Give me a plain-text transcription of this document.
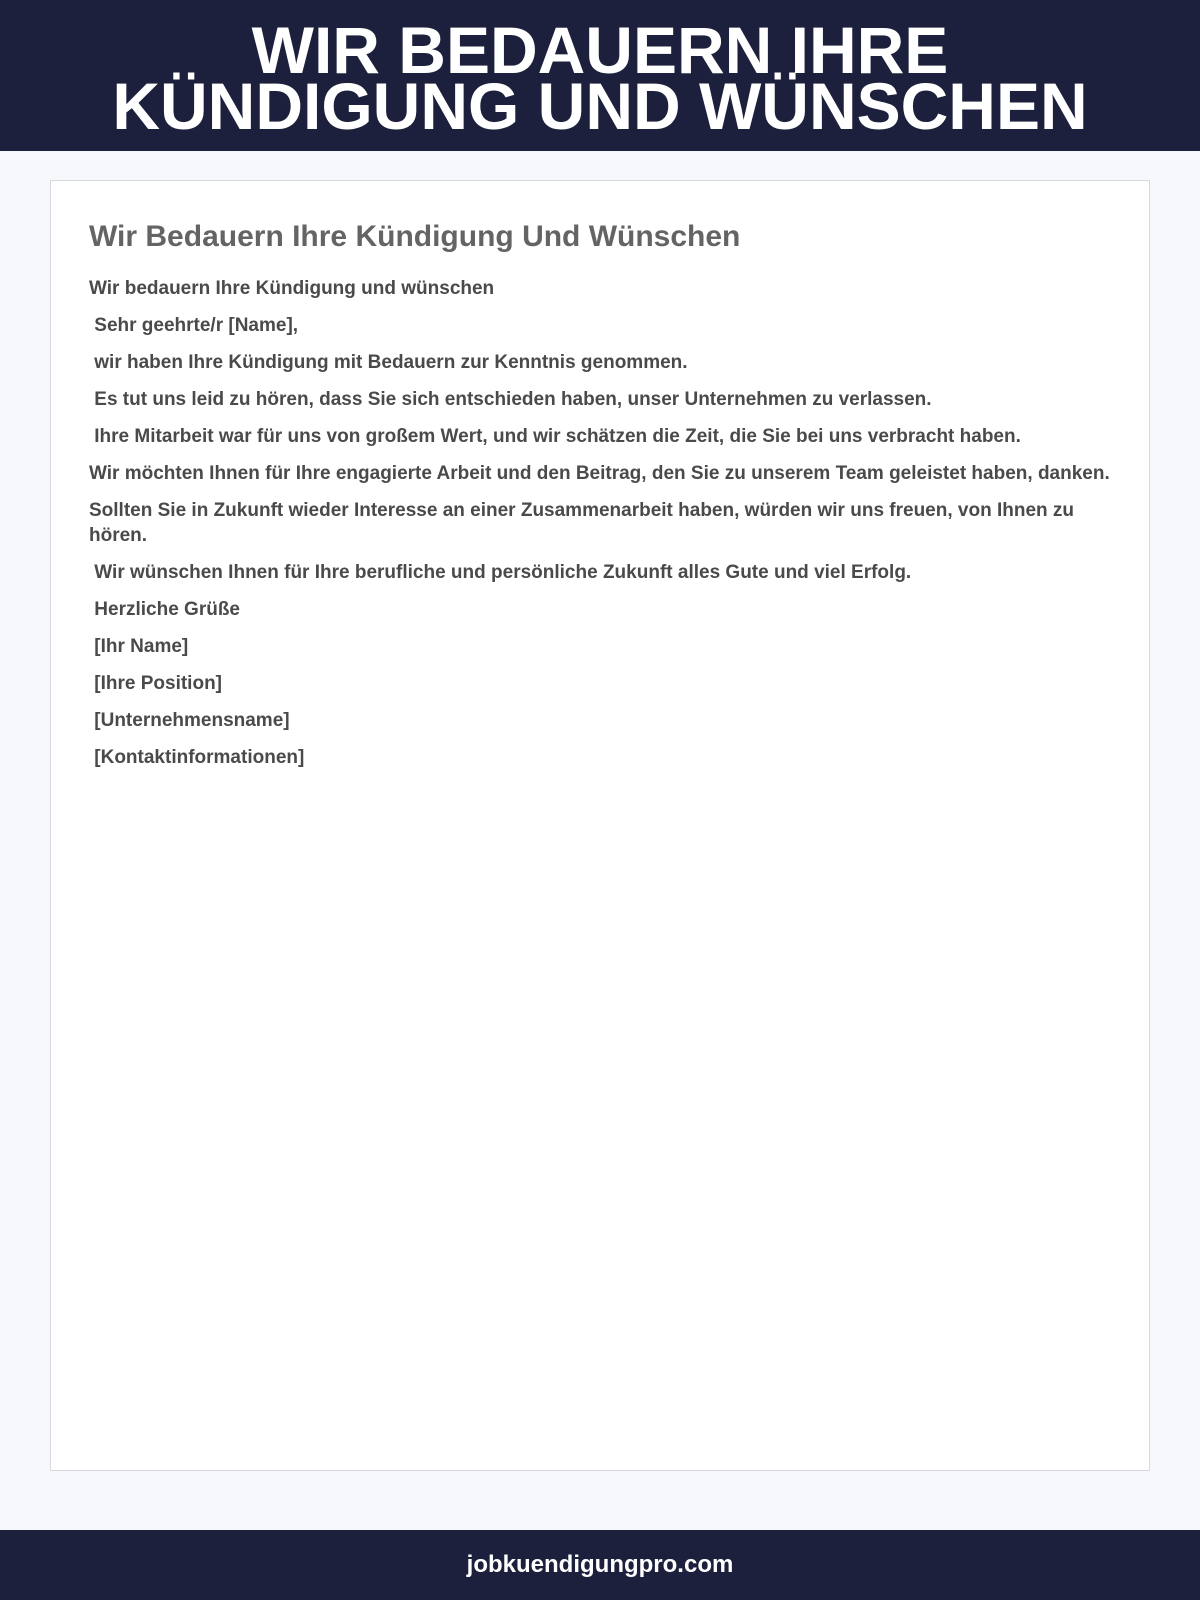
WIR BEDAUERN IHRE KÜNDIGUNG UND WÜNSCHEN
Wir Bedauern Ihre Kündigung Und Wünschen

Wir bedauern Ihre Kündigung und wünschen

Sehr geehrte/r [Name],

wir haben Ihre Kündigung mit Bedauern zur Kenntnis genommen.

Es tut uns leid zu hören, dass Sie sich entschieden haben, unser Unternehmen zu verlassen.

Ihre Mitarbeit war für uns von großem Wert, und wir schätzen die Zeit, die Sie bei uns verbracht haben.

Wir möchten Ihnen für Ihre engagierte Arbeit und den Beitrag, den Sie zu unserem Team geleistet haben, danken.

Sollten Sie in Zukunft wieder Interesse an einer Zusammenarbeit haben, würden wir uns freuen, von Ihnen zu hören.

Wir wünschen Ihnen für Ihre berufliche und persönliche Zukunft alles Gute und viel Erfolg.

Herzliche Grüße

[Ihr Name]

[Ihre Position]

[Unternehmensname]

[Kontaktinformationen]

jobkuendigungpro.com
